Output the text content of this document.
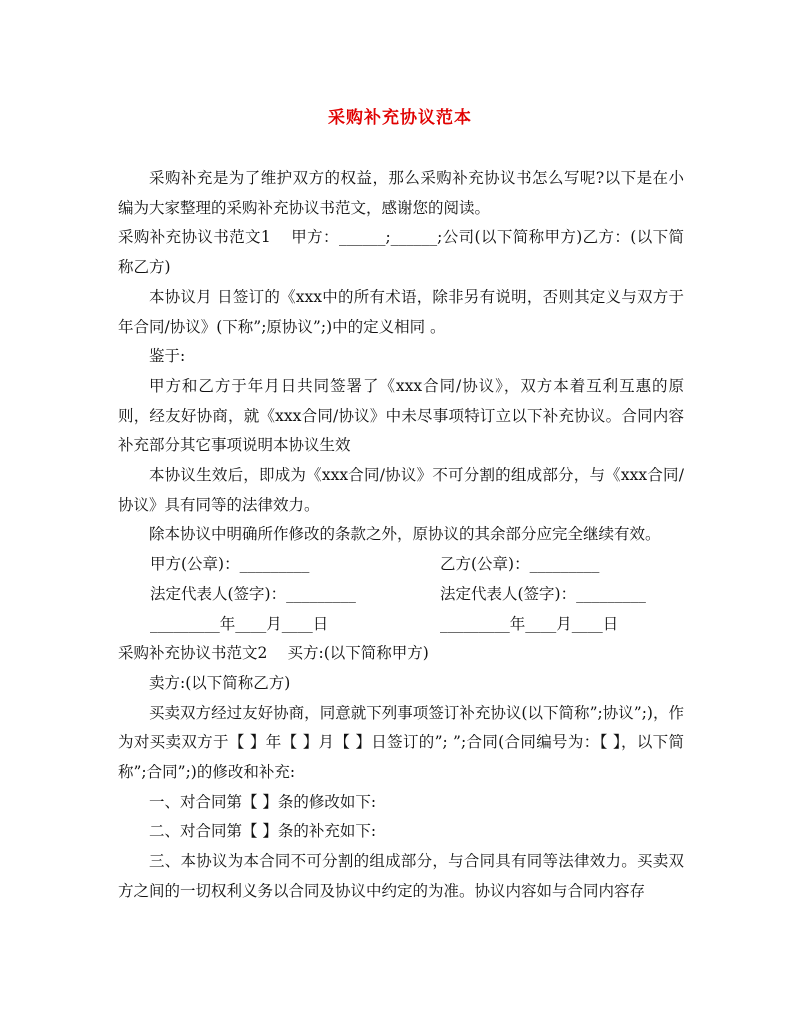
采购补充协议范本

采购补充是为了维护双方的权益，那么采购补充协议书怎么写呢?以下是在小编为大家整理的采购补充协议书范文，感谢您的阅读。

采购补充协议书范文1 甲方：______;______;公司(以下简称甲方)乙方：(以下简称乙方)

本协议月 日签订的《xxx中的所有术语，除非另有说明，否则其定义与双方于 年合同/协议》(下称”;原协议”;)中的定义相同 。

鉴于:

甲方和乙方于年月日共同签署了《xxx合同/协议》，双方本着互利互惠的原则，经友好协商，就《xxx合同/协议》中未尽事项特订立以下补充协议。合同内容补充部分其它事项说明本协议生效

本协议生效后，即成为《xxx合同/协议》不可分割的组成部分，与《xxx合同/协议》具有同等的法律效力。

除本协议中明确所作修改的条款之外，原协议的其余部分应完全继续有效。

甲方(公章)：_________	乙方(公章)：_________
法定代表人(签字)：_________	法定代表人(签字)：_________
_________年____月____日	_________年____月____日

采购补充协议书范文2 买方:(以下简称甲方)

卖方:(以下简称乙方)

买卖双方经过友好协商，同意就下列事项签订补充协议(以下简称”;协议”;)，作为对买卖双方于【 】年【 】月【 】日签订的”; ”;合同(合同编号为：【 】，以下简称”;合同”;)的修改和补充:

一、对合同第【 】条的修改如下:

二、对合同第【 】条的补充如下:

三、本协议为本合同不可分割的组成部分，与合同具有同等法律效力。买卖双方之间的一切权利义务以合同及协议中约定的为准。协议内容如与合同内容存
